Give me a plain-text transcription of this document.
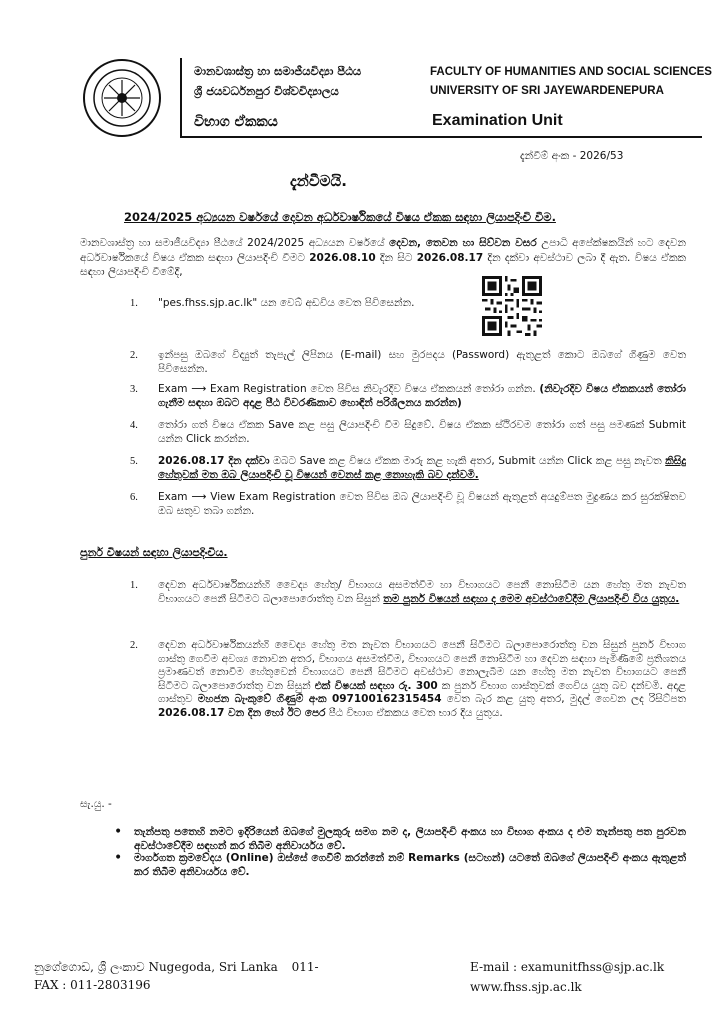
මානවශාස්ත්‍ර හා සමාජීයවිද්‍යා පීඨය
ශ්‍රී ජයවර්ධනපුර විශ්වවිද්‍යාලය
FACULTY OF HUMANITIES AND SOCIAL SCIENCES
UNIVERSITY OF SRI JAYEWARDENEPURA
විභාග ඒකකය	Examination Unit
දැන්වීම් අංක - 2026/53
දැන්වීමයි.
2024/2025 අධ්‍යයන වර්ෂයේ දෙවන අර්ධවාර්ෂිකයේ විෂය ඒකක සඳහා ලියාපදිංචි වීම.
මානවශාස්ත්‍ර හා සමාජීයවිද්‍යා පීඨයේ 2024/2025 අධ්‍යයන වර්ෂයේ දෙවන, තෙවන හා සිව්වන වසර උපාධි අපේක්ෂකයින් හට දෙවන අර්ධවාර්ෂිකයේ විෂය ඒකක සඳහා ලියාපදිංචි වීමට 2026.08.10 දින සිට 2026.08.17 දින දක්වා අවස්ථාව ලබා දී ඇත. විෂය ඒකක සඳහා ලියාපදිංචි වීමේදී,
1. "pes.fhss.sjp.ac.lk" යන වෙබ් අඩවිය වෙත පිවිසෙන්න.
2. ඉන්පසු ඔබගේ විද්‍යුත් තැපැල් ලිපිනය (E-mail) සහ මුරපදය (Password) ඇතුළත් කොට ඔබගේ ගිණුම වෙත පිවිසෙන්න.
3. Exam ⟶ Exam Registration වෙත පිවිස නිවැරදිව විෂය ඒකකයන් තෝරා ගන්න. (නිවැරදිව විෂය ඒකකයන් තෝරා ගැනීම සඳහා ඔබට අදාළ පීඨ විවරණිකාව හොඳින් පරිශීලනය කරන්න)
4. තෝරා ගත් විෂය ඒකක Save කළ පසු ලියාපදිංචි වීම සිදුවේ. විෂය ඒකක ස්ථිරවම තෝරා ගත් පසු පමණක් Submit යන්න Click කරන්න.
5. 2026.08.17 දින දක්වා ඔබට Save කළ විෂය ඒකක මාරු කළ හැකි අතර, Submit යන්න Click කළ පසු නැවත කිසිදු හේතුවක් මත ඔබ ලියාපදිංචි වූ විෂයන් වෙනස් කළ නොහැකි බව දන්වමි.
6. Exam ⟶ View Exam Registration වෙත පිවිස ඔබ ලියාපදිංචි වූ විෂයන් ඇතුළත් අයදුම්පත මුද්‍රණය කර සුරක්ෂිතව ඔබ සතුව තබා ගන්න.
පුනර් විෂයන් සඳහා ලියාපදිංචිය.
1. දෙවන අර්ධවාර්ෂිකයන්හි වෛද්‍ය හේතු/ විභාගය අසමත්වීම හා විභාගයට පෙනී නොසිටීම යන හේතු මත නැවත විභාගයට පෙනී සිටීමට බලාපොරොත්තු වන සිසුන් තම පුනර් විෂයන් සඳහා ද මෙම අවස්ථාවේදීම ලියාපදිංචි විය යුතුය.
2. දෙවන අර්ධවාර්ෂිකයන්හි වෛද්‍ය හේතු මත නැවත විභාගයට පෙනී සිටීමට බලාපොරොත්තු වන සිසුන් පුනර් විභාග ගාස්තු ගෙවීම අවශ්‍ය නොවන අතර, විභාගය අසමත්වීම, විභාගයට පෙනී නොසිටීම හා දෙවන සඳහා පැමිණීමේ ප්‍රතිශතය ප්‍රමාණවත් නොවීම හේතුවෙන් විභාගයට පෙනී සිටීමට අවස්ථාව නොලැබීම යන හේතු මත නැවත විභාගයට පෙනී සිටීමට බලාපොරොත්තු වන සිසුන් එක් විෂයක් සඳහා රු. 300 ක පුනර් විභාග ගාස්තුවක් ගෙවිය යුතු බව දන්වමි. අදාළ ගාස්තුව මහජන බැංකුවේ ගිණුම් අංක 097100162315454 වෙත බැර කළ යුතු අතර, මුදල් ගෙවන ලද රිසිට්පත 2026.08.17 වන දින හෝ ඊට පෙර පීඨ විභාග ඒකකය වෙත භාර දිය යුතුය.
සැ.යු. -
• තැන්පතු පතෙහි නමට ඉදිරියෙන් ඔබගේ මුලකුරු සමග නම ද, ලියාපදිංචි අංකය හා විභාග අංකය ද එම තැන්පතු පත පුරවන අවස්ථාවේදීම සඳහන් කර තිබීම අනිවාර්යය වේ.
• මාර්ගගත ක්‍රමවේදය (Online) ඔස්සේ ගෙවීම් කරන්නේ නම් Remarks (සටහන්) යටතේ ඔබගේ ලියාපදිංචි අංකය ඇතුළත් කර තිබීම අනිවාර්යය වේ.
නුගේගොඩ, ශ්‍රී ලංකාව Nugegoda, Sri Lanka 011-
FAX : 011-2803196
E-mail : examunitfhss@sjp.ac.lk
www.fhss.sjp.ac.lk
